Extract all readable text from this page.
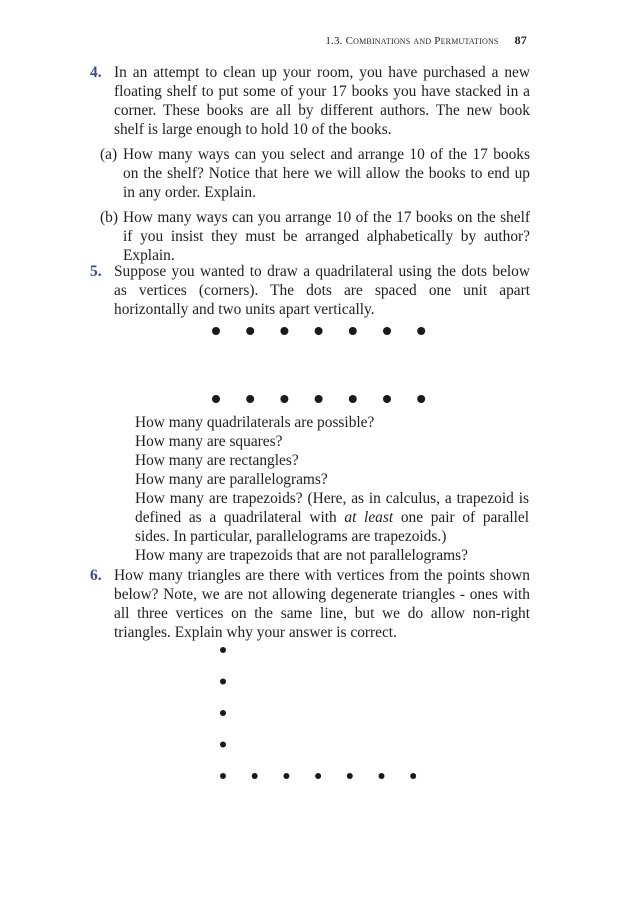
1.3. Combinations and Permutations 87
4. In an attempt to clean up your room, you have purchased a new floating shelf to put some of your 17 books you have stacked in a corner. These books are all by different authors. The new book shelf is large enough to hold 10 of the books.
(a) How many ways can you select and arrange 10 of the 17 books on the shelf? Notice that here we will allow the books to end up in any order. Explain.
(b) How many ways can you arrange 10 of the 17 books on the shelf if you insist they must be arranged alphabetically by author? Explain.
5. Suppose you wanted to draw a quadrilateral using the dots below as vertices (corners). The dots are spaced one unit apart horizontally and two units apart vertically.
How many quadrilaterals are possible?
How many are squares?
How many are rectangles?
How many are parallelograms?
How many are trapezoids? (Here, as in calculus, a trapezoid is defined as a quadrilateral with at least one pair of parallel sides. In particular, parallelograms are trapezoids.)
How many are trapezoids that are not parallelograms?
6. How many triangles are there with vertices from the points shown below? Note, we are not allowing degenerate triangles - ones with all three vertices on the same line, but we do allow non-right triangles. Explain why your answer is correct.
